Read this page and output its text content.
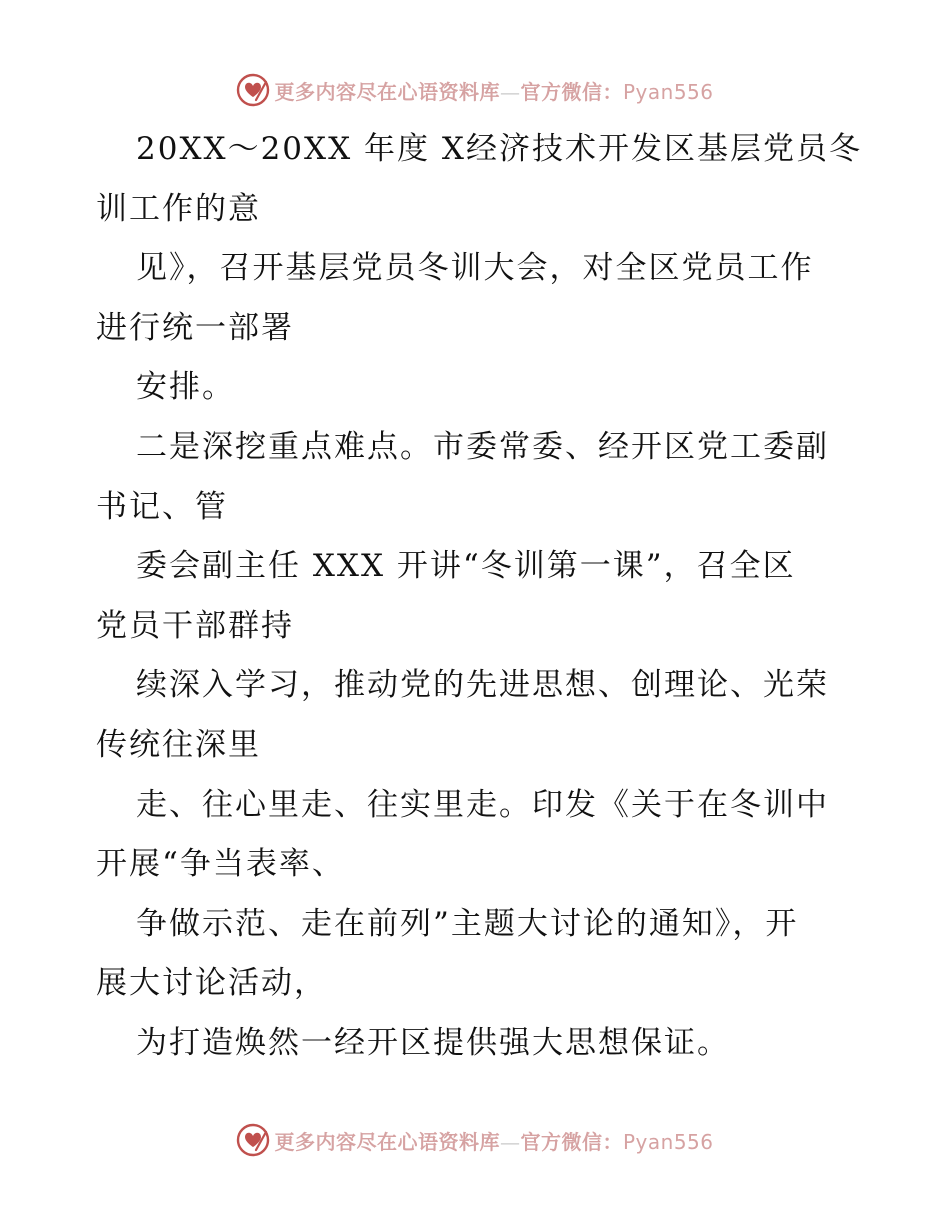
更多内容尽在心语资料库—官方微信：Pyan556
20XX～20XX 年度 X经济技术开发区基层党员冬
训工作的意
见》，召开基层党员冬训大会，对全区党员工作
进行统一部署
安排。
二是深挖重点难点。市委常委、经开区党工委副
书记、管
委会副主任 XXX 开讲“冬训第一课”，召全区
党员干部群持
续深入学习，推动党的先进思想、创理论、光荣
传统往深里
走、往心里走、往实里走。印发《关于在冬训中
开展“争当表率、
争做示范、走在前列”主题大讨论的通知》，开
展大讨论活动，
为打造焕然一经开区提供强大思想保证。
更多内容尽在心语资料库—官方微信：Pyan556
